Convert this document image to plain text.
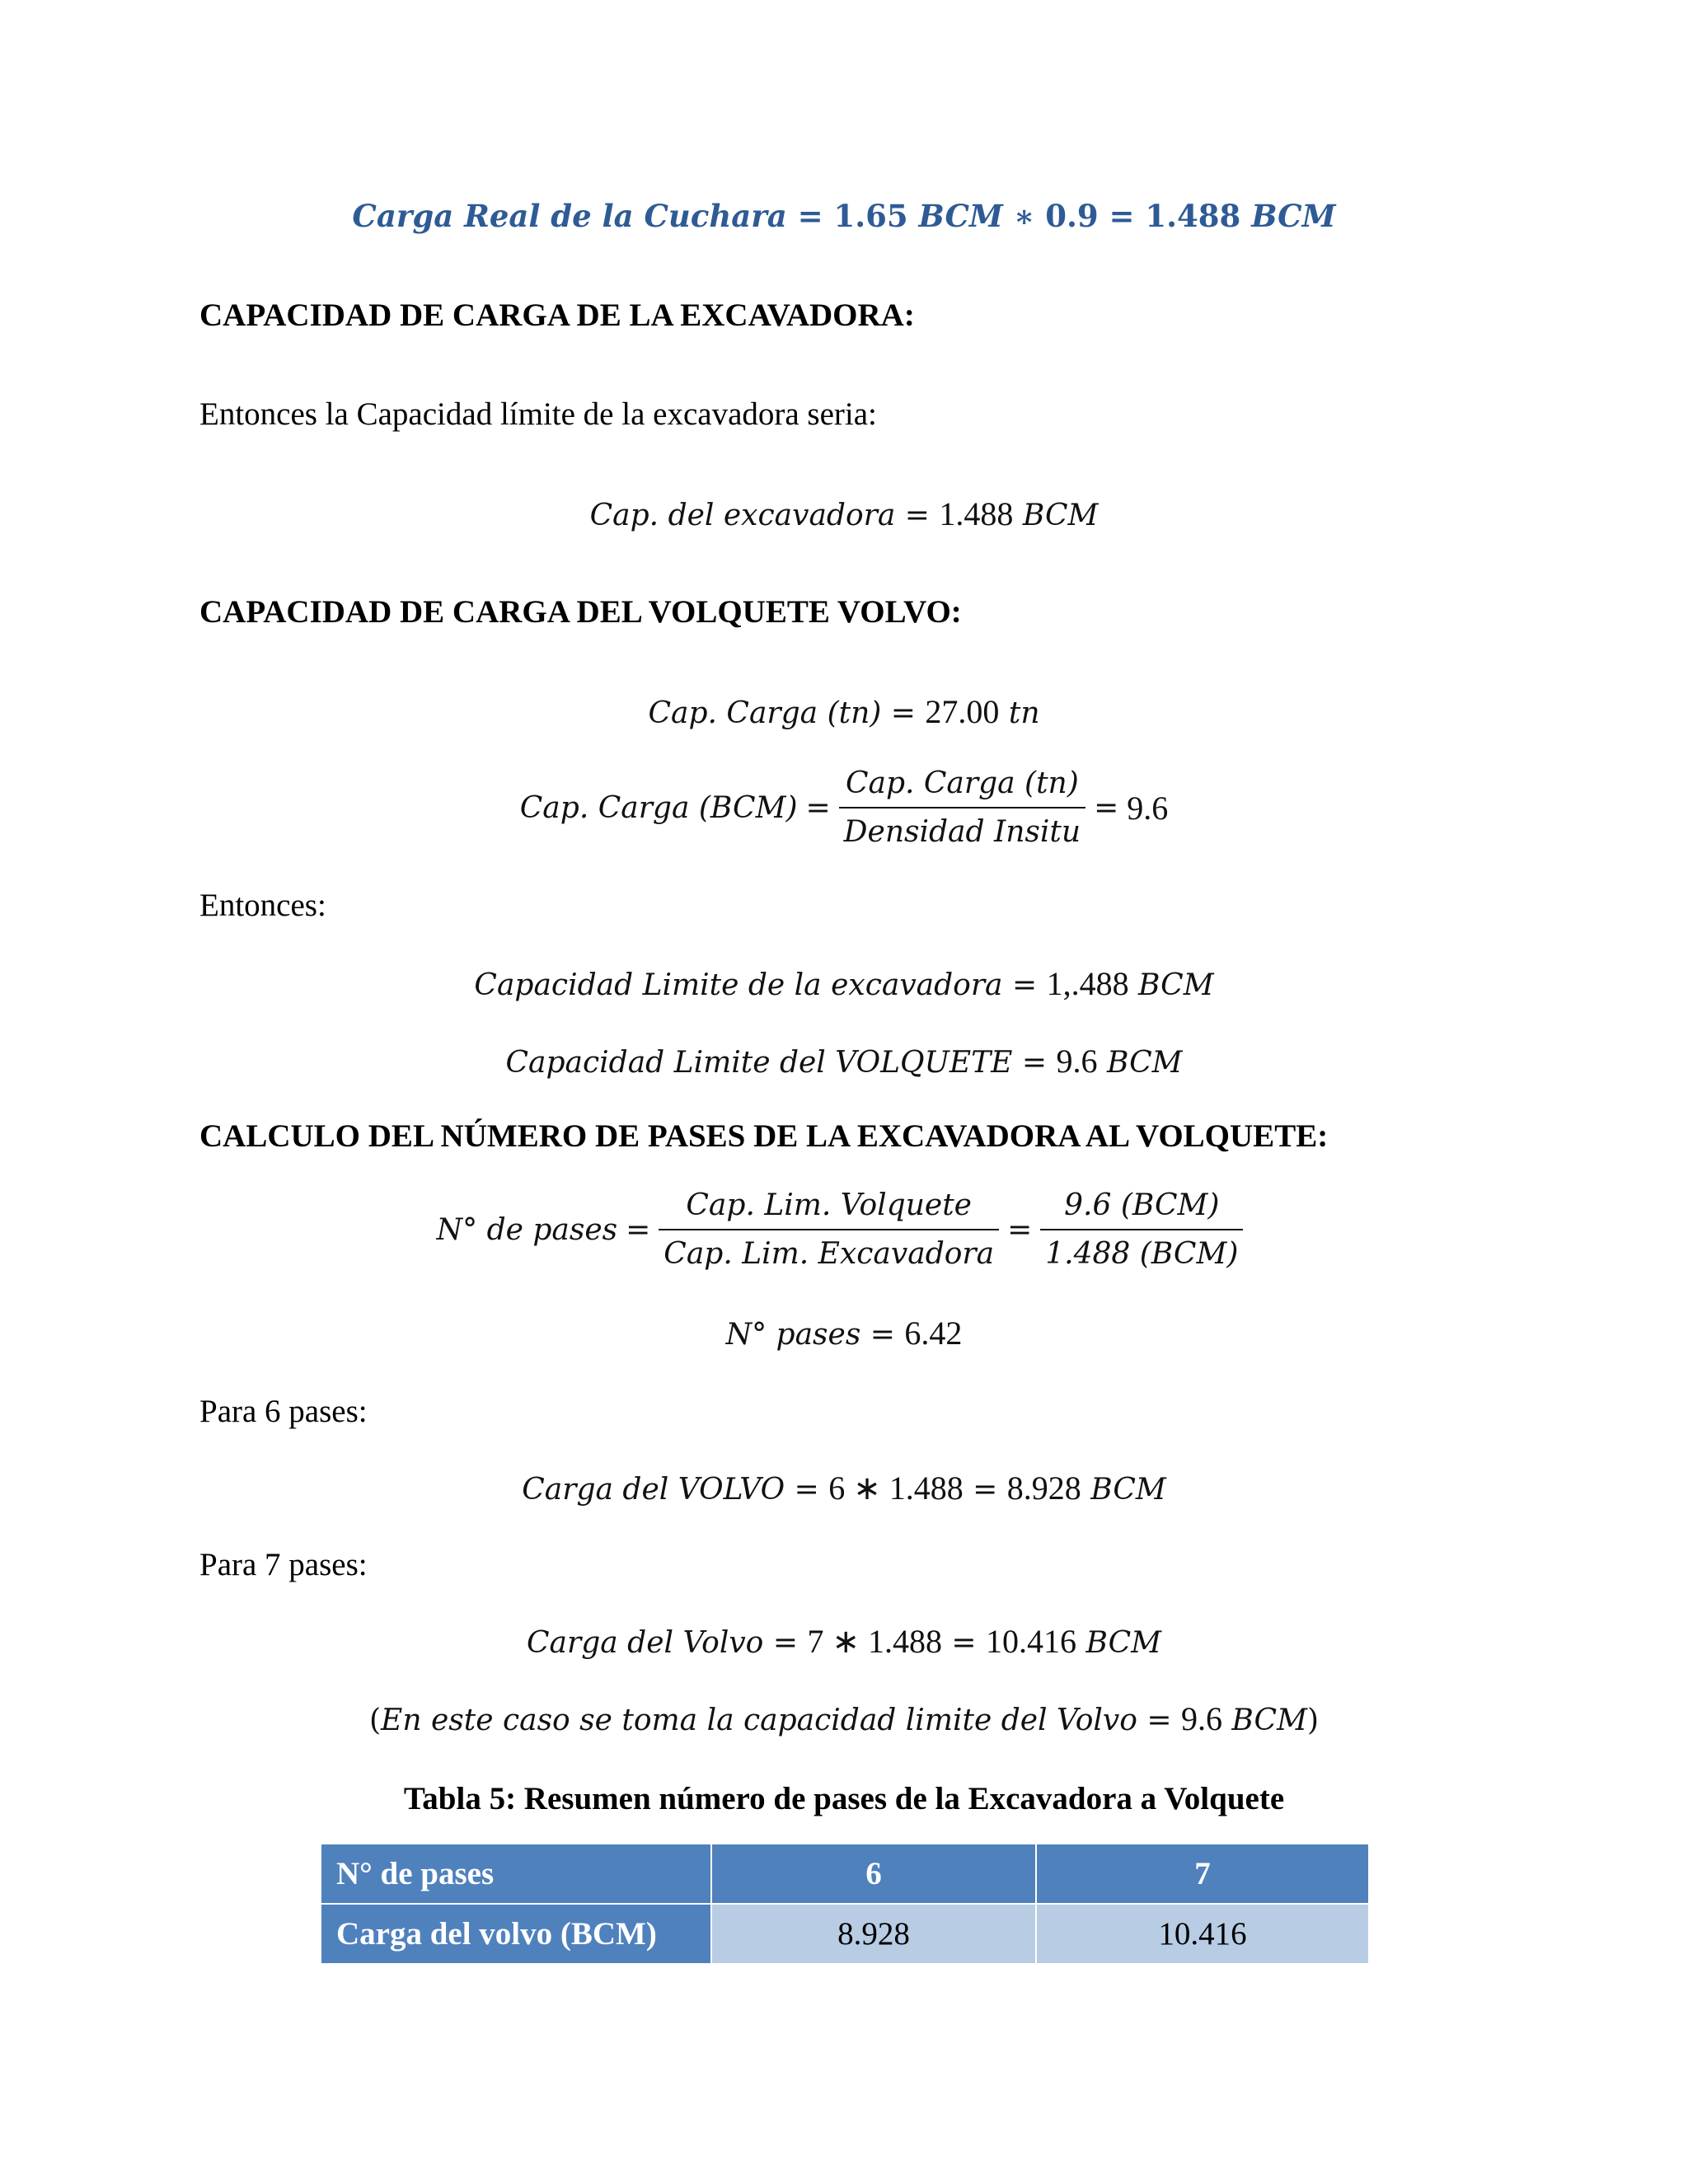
Carga Real de la Cuchara = 1.65 BCM ∗ 0.9 = 1.488 BCM
CAPACIDAD DE CARGA DE LA EXCAVADORA:
Entonces la Capacidad límite de la excavadora seria:
Cap. del excavadora = 1.488 BCM
CAPACIDAD DE CARGA DEL VOLQUETE VOLVO:
Cap. Carga (tn) = 27.00 tn
Cap. Carga $(BCM) = \frac{\text{Cap. Carga (tn)}}{\text{Densidad Insitu}} = 9.6$
Entonces:
Capacidad Limite de la excavadora = 1,.488 BCM
Capacidad Limite del VOLQUETE = 9.6 BCM
CALCULO DEL NÚMERO DE PASES DE LA EXCAVADORA AL VOLQUETE:
N° de pases = $\frac{\text{Cap. Lim. Volquete}}{\text{Cap. Lim. Excavadora}} = \frac{\text{9.6 (BCM)}}{\text{1.488 (BCM)}}$
N° pases = 6.42
Para 6 pases:
Carga del VOLVO = 6 ∗ 1.488 = 8.928 BCM
Para 7 pases:
Carga del Volvo = 7 ∗ 1.488 = 10.416 BCM
(En este caso se toma la capacidad limite del Volvo = 9.6 BCM)
Tabla 5: Resumen número de pases de la Excavadora a Volquete
N° de pases	6	7
Carga del volvo (BCM)	8.928	10.416
